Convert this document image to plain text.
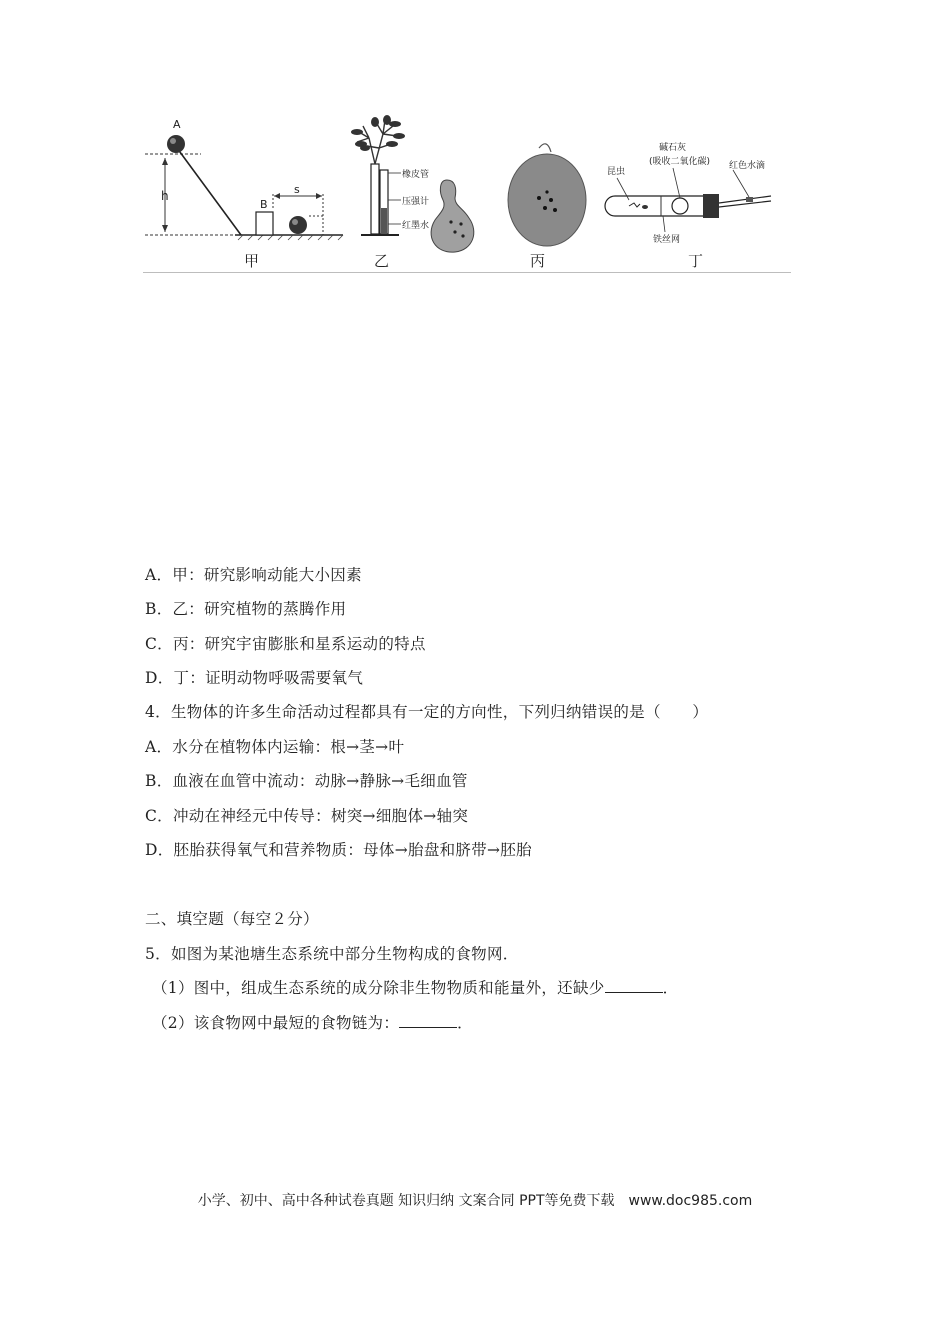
h
A
B
s
甲
橡皮管
压强计
红墨水
乙	丙
昆虫
碱石灰
(吸收二氧化碳) 红色水滴
铁丝网
丁
A．甲：研究影响动能大小因素
B．乙：研究植物的蒸腾作用
C．丙：研究宇宙膨胀和星系运动的特点
D．丁：证明动物呼吸需要氧气
4．生物体的许多生命活动过程都具有一定的方向性，下列归纳错误的是（　　）
A．水分在植物体内运输：根→茎→叶
B．血液在血管中流动：动脉→静脉→毛细血管
C．冲动在神经元中传导：树突→细胞体→轴突
D．胚胎获得氧气和营养物质：母体→胎盘和脐带→胚胎
二、填空题（每空２分）
5．如图为某池塘生态系统中部分生物构成的食物网．
（1）图中，组成生态系统的成分除非生物物质和能量外，还缺少	．
（2）该食物网中最短的食物链为：	．
小学、初中、高中各种试卷真题 知识归纳 文案合同 PPT等免费下载　www.doc985.com
